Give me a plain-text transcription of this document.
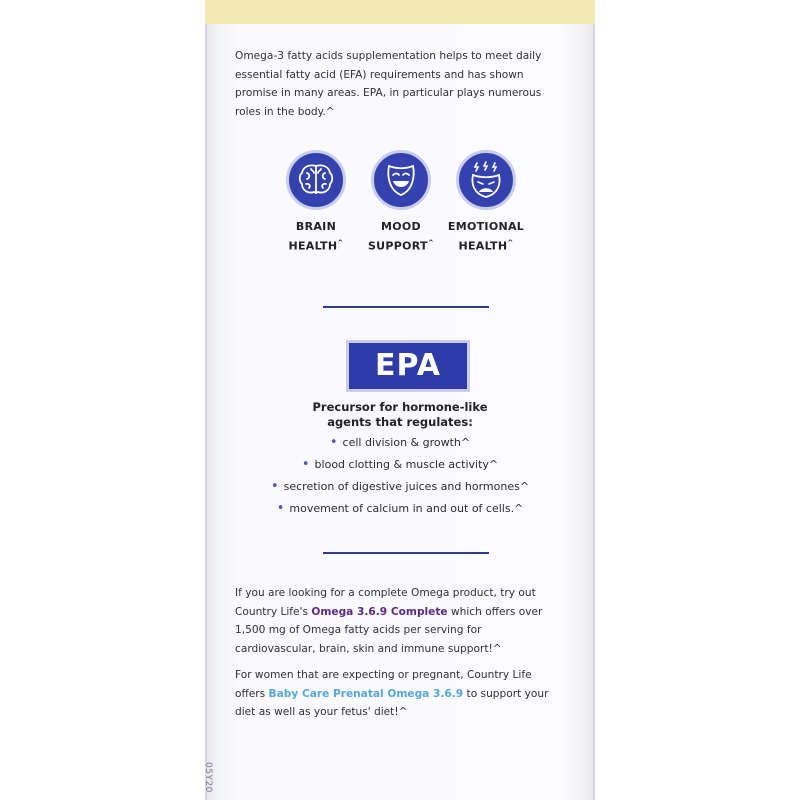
Omega-3 fatty acids supplementation helps to meet daily essential fatty acid (EFA) requirements and has shown promise in many areas. EPA, in particular plays numerous roles in the body.^

BRAIN
HEALTH^
MOOD
SUPPORT^
EMOTIONAL
HEALTH^
EPA
Precursor for hormone-like
agents that regulates:
• cell division & growth^
• blood clotting & muscle activity^
• secretion of digestive juices and hormones^
• movement of calcium in and out of cells.^

If you are looking for a complete Omega product, try out Country Life's Omega 3.6.9 Complete which offers over 1,500 mg of Omega fatty acids per serving for cardiovascular, brain, skin and immune support!^

For women that are expecting or pregnant, Country Life offers Baby Care Prenatal Omega 3.6.9 to support your diet as well as your fetus' diet!^

05Y20
